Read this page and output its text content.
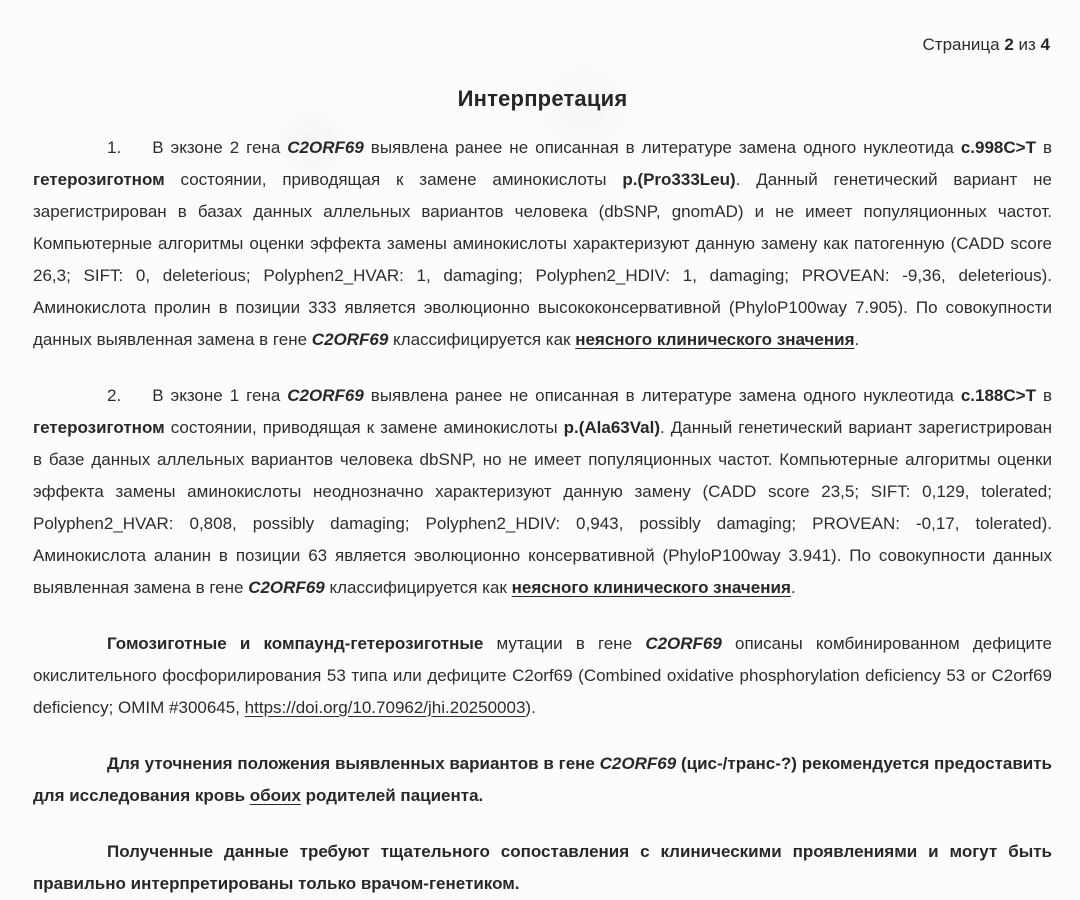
Страница 2 из 4
Интерпретация

1. В экзоне 2 гена C2ORF69 выявлена ранее не описанная в литературе замена одного нуклеотида c.998C>T в гетерозиготном состоянии, приводящая к замене аминокислоты p.(Pro333Leu). Данный генетический вариант не зарегистрирован в базах данных аллельных вариантов человека (dbSNP, gnomAD) и не имеет популяционных частот. Компьютерные алгоритмы оценки эффекта замены аминокислоты характеризуют данную замену как патогенную (CADD score 26,3; SIFT: 0, deleterious; Polyphen2_HVAR: 1, damaging; Polyphen2_HDIV: 1, damaging; PROVEAN: -9,36, deleterious). Аминокислота пролин в позиции 333 является эволюционно высококонсервативной (PhyloP100way 7.905). По совокупности данных выявленная замена в гене C2ORF69 классифицируется как неясного клинического значения.

2. В экзоне 1 гена C2ORF69 выявлена ранее не описанная в литературе замена одного нуклеотида c.188C>T в гетерозиготном состоянии, приводящая к замене аминокислоты p.(Ala63Val). Данный генетический вариант зарегистрирован в базе данных аллельных вариантов человека dbSNP, но не имеет популяционных частот. Компьютерные алгоритмы оценки эффекта замены аминокислоты неоднозначно характеризуют данную замену (CADD score 23,5; SIFT: 0,129, tolerated; Polyphen2_HVAR: 0,808, possibly damaging; Polyphen2_HDIV: 0,943, possibly damaging; PROVEAN: -0,17, tolerated). Аминокислота аланин в позиции 63 является эволюционно консервативной (PhyloP100way 3.941). По совокупности данных выявленная замена в гене C2ORF69 классифицируется как неясного клинического значения.

Гомозиготные и компаунд-гетерозиготные мутации в гене C2ORF69 описаны комбинированном дефиците окислительного фосфорилирования 53 типа или дефиците C2orf69 (Combined oxidative phosphorylation deficiency 53 or C2orf69 deficiency; OMIM #300645, https://doi.org/10.70962/jhi.20250003).

Для уточнения положения выявленных вариантов в гене C2ORF69 (цис-/транс-?) рекомендуется предоставить для исследования кровь обоих родителей пациента.

Полученные данные требуют тщательного сопоставления с клиническими проявлениями и могут быть правильно интерпретированы только врачом-генетиком.
